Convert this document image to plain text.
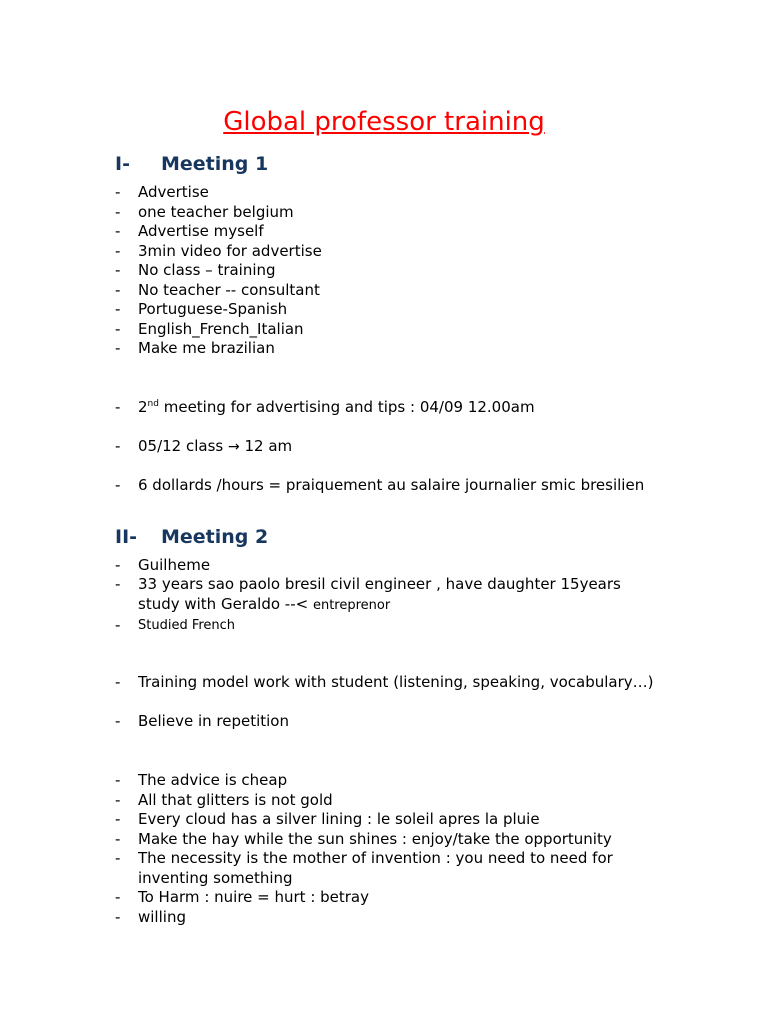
Global professor training
I- Meeting 1
- Advertise
- one teacher belgium
- Advertise myself
- 3min video for advertise
- No class – training
- No teacher -- consultant
- Portuguese-Spanish
- English_French_Italian
- Make me brazilian
- 2nd meeting for advertising and tips : 04/09 12.00am
- 05/12 class → 12 am
- 6 dollards /hours = praiquement au salaire journalier smic bresilien
II- Meeting 2
- Guilheme
- 33 years sao paolo bresil civil engineer , have daughter 15years
study with Geraldo --< entreprenor
- Studied French
- Training model work with student (listening, speaking, vocabulary…)
- Believe in repetition
- The advice is cheap
- All that glitters is not gold
- Every cloud has a silver lining : le soleil apres la pluie
- Make the hay while the sun shines : enjoy/take the opportunity
- The necessity is the mother of invention : you need to need for
inventing something
- To Harm : nuire = hurt : betray
- willing
